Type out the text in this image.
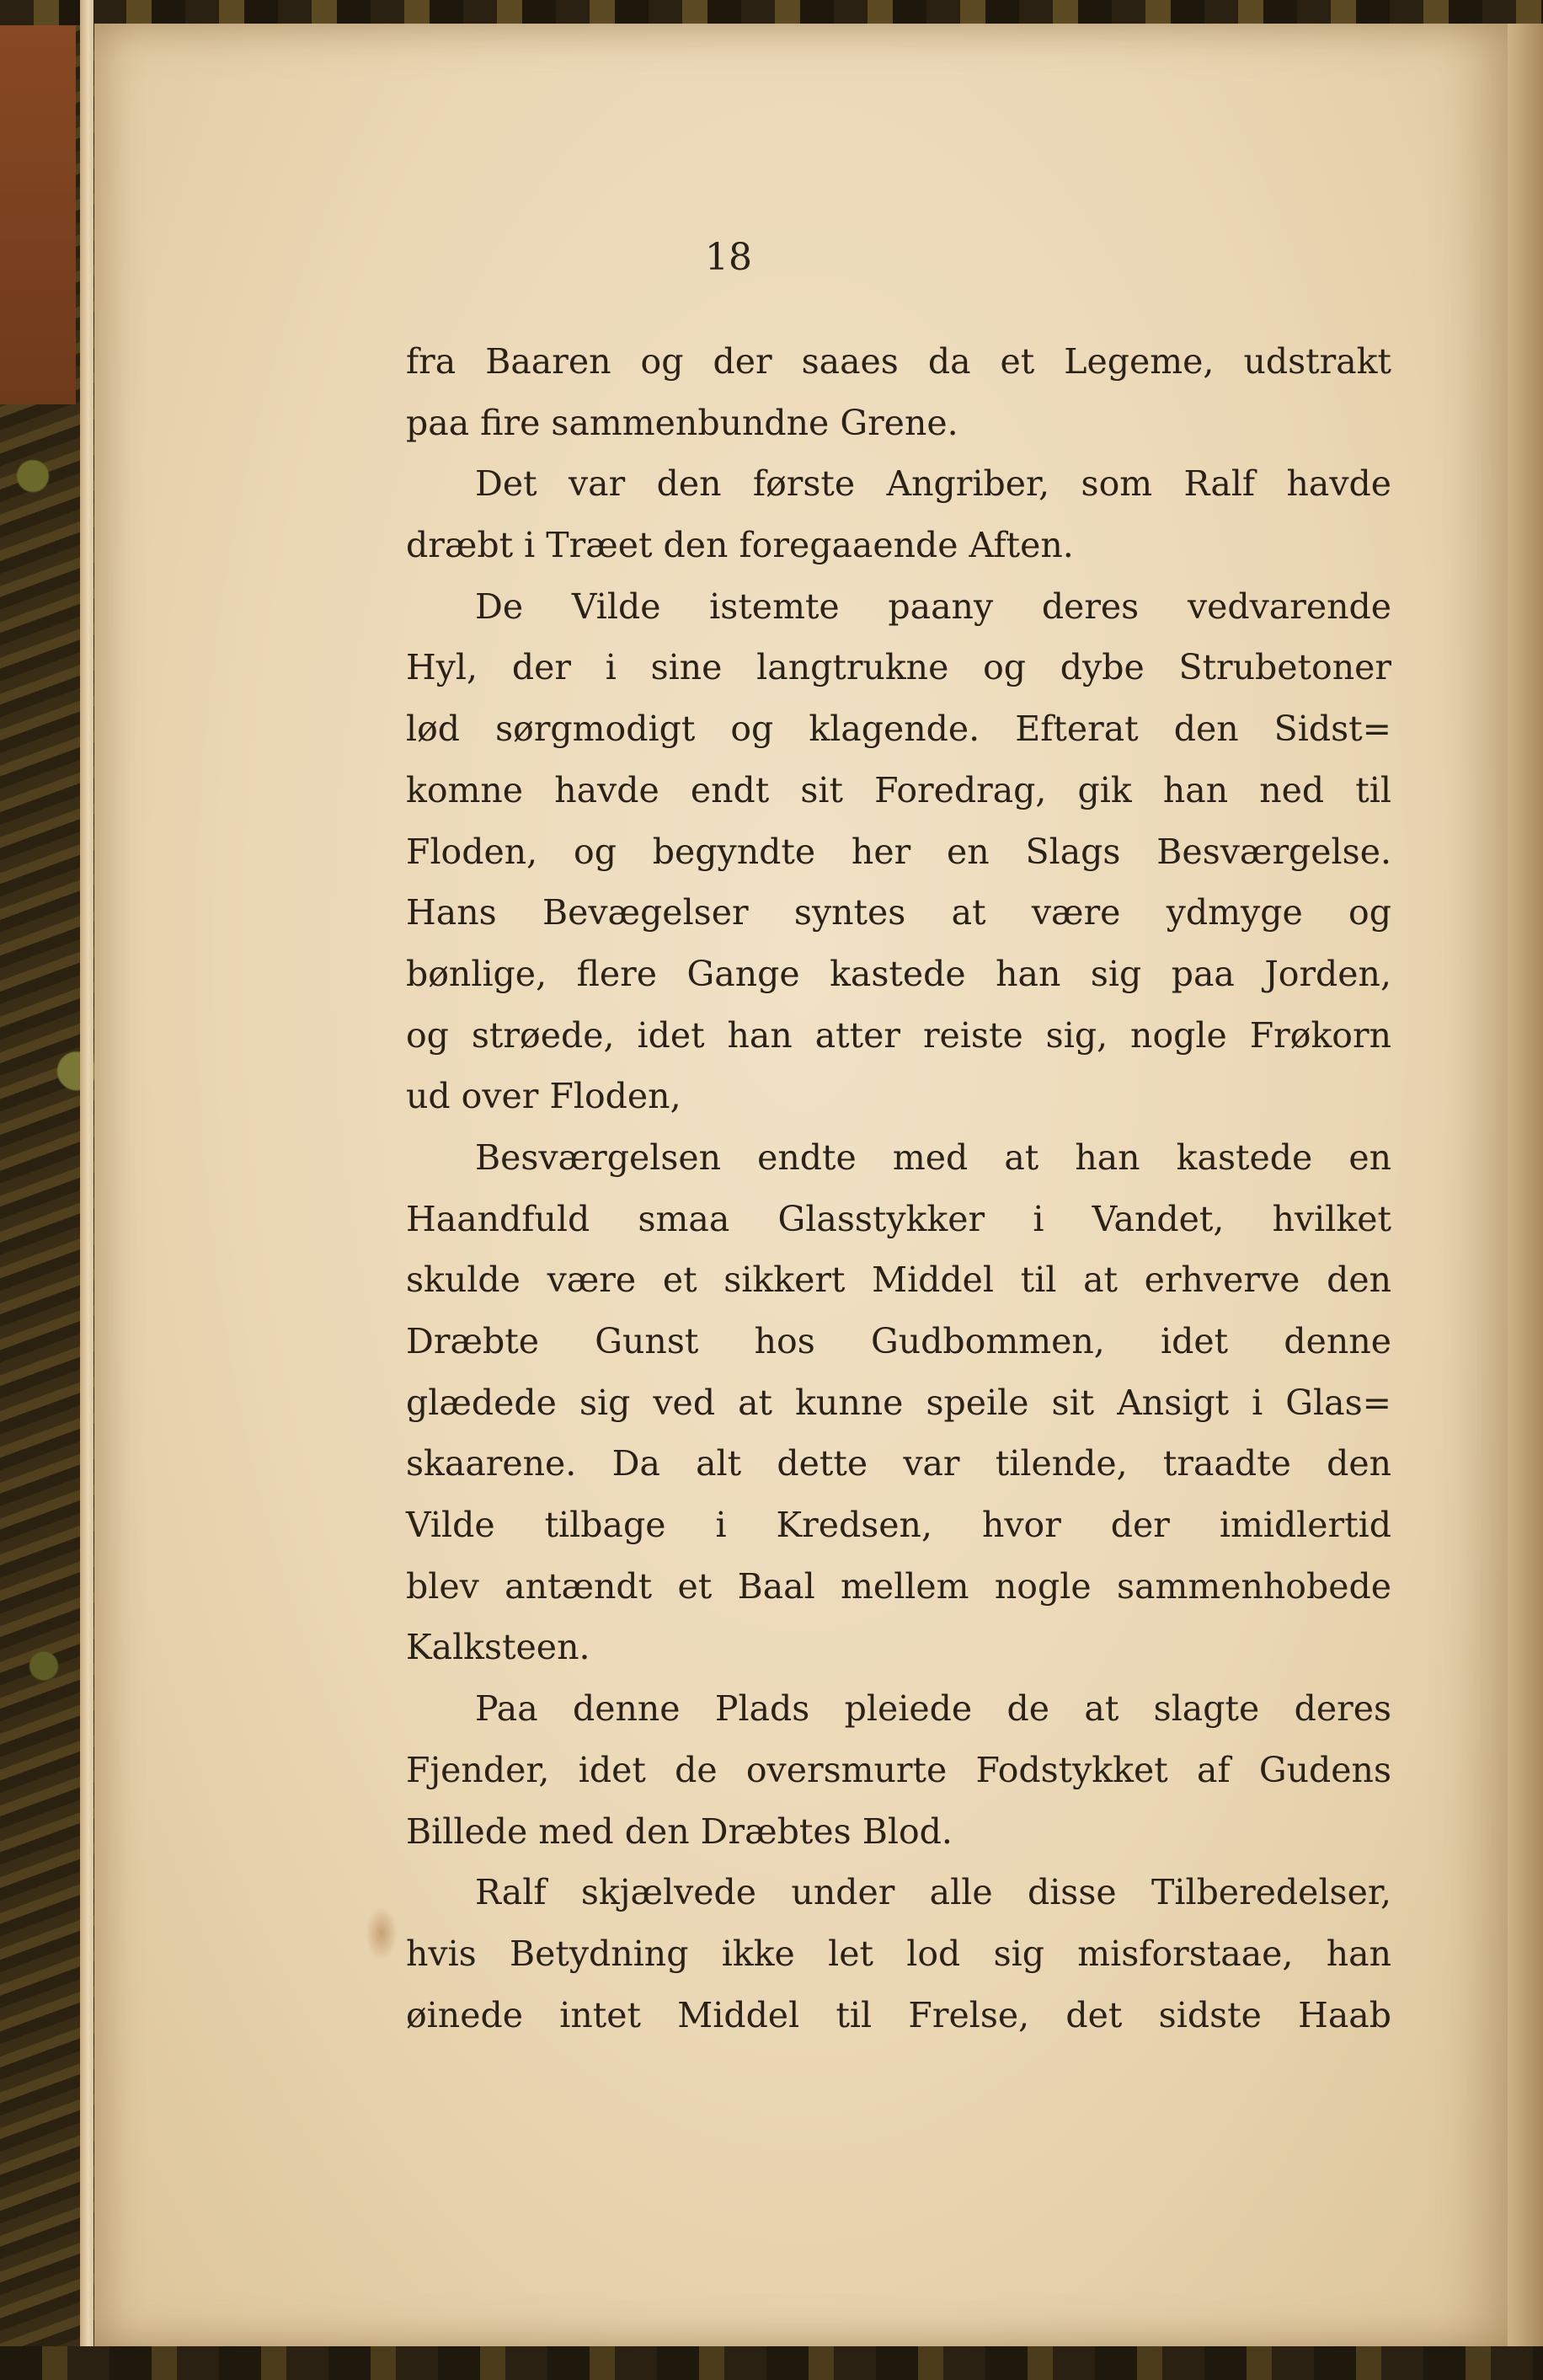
18
fra Baaren og der saaes da et Legeme, udstrakt
paa fire sammenbundne Grene.
Det var den første Angriber, som Ralf havde
dræbt i Træet den foregaaende Aften.
De Vilde istemte paany deres vedvarende
Hyl, der i sine langtrukne og dybe Strubetoner
lød sørgmodigt og klagende. Efterat den Sidst=
komne havde endt sit Foredrag, gik han ned til
Floden, og begyndte her en Slags Besværgelse.
Hans Bevægelser syntes at være ydmyge og
bønlige, flere Gange kastede han sig paa Jorden,
og strøede, idet han atter reiste sig, nogle Frøkorn
ud over Floden,
Besværgelsen endte med at han kastede en
Haandfuld smaa Glasstykker i Vandet, hvilket
skulde være et sikkert Middel til at erhverve den
Dræbte Gunst hos Gudbommen, idet denne
glædede sig ved at kunne speile sit Ansigt i Glas=
skaarene. Da alt dette var tilende, traadte den
Vilde tilbage i Kredsen, hvor der imidlertid
blev antændt et Baal mellem nogle sammenhobede
Kalksteen.
Paa denne Plads pleiede de at slagte deres
Fjender, idet de oversmurte Fodstykket af Gudens
Billede med den Dræbtes Blod.
Ralf skjælvede under alle disse Tilberedelser,
hvis Betydning ikke let lod sig misforstaae, han
øinede intet Middel til Frelse, det sidste Haab
